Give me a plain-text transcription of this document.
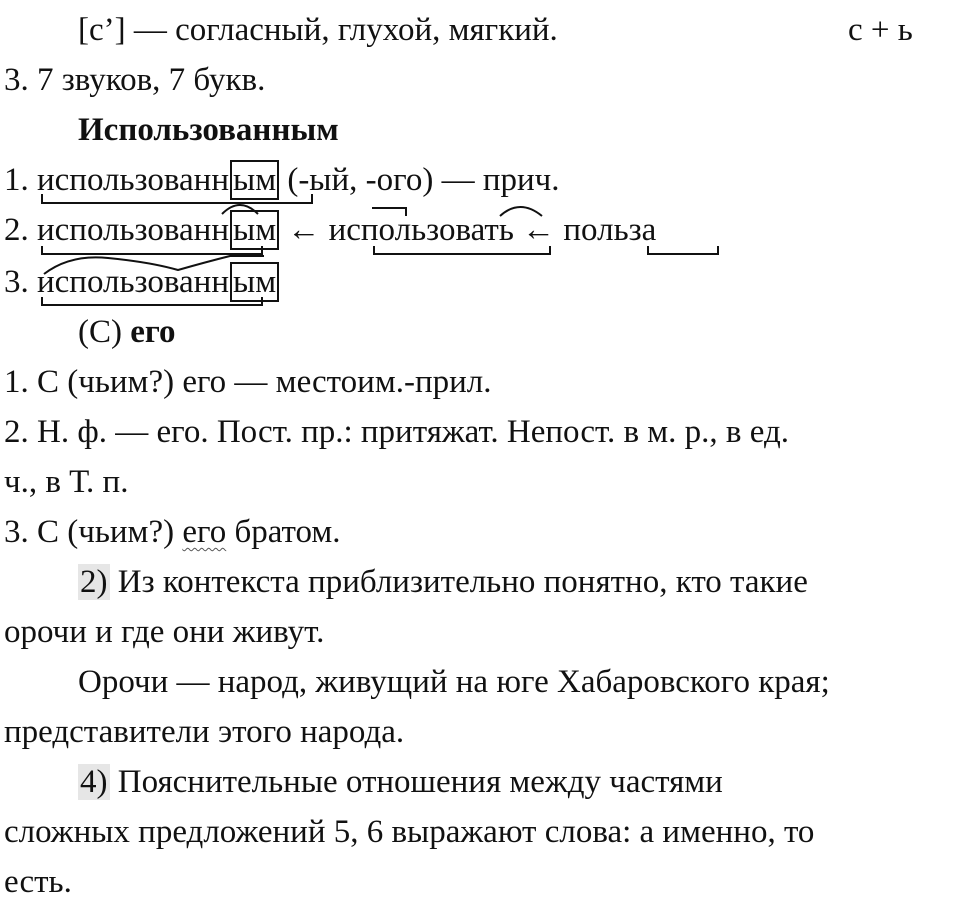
[с’] — согласный, глухой, мягкий.	с + ь
3. 7 звуков, 7 букв.
Использованным
1. использованн ым (-ый, -ого) — прич.
2. использованн ым ← использовать ← польза
3. использованн ым
(С) его
1. С (чьим?) его — местоим.-прил.
2. Н. ф. — его. Пост. пр.: притяжат. Непост. в м. р., в ед.
ч., в Т. п.
3. С (чьим?) его братом.
2) Из контекста приблизительно понятно, кто такие
орочи и где они живут.
Орочи — народ, живущий на юге Хабаровского края;
представители этого народа.
4) Пояснительные отношения между частями
сложных предложений 5, 6 выражают слова: а именно, то
есть.
